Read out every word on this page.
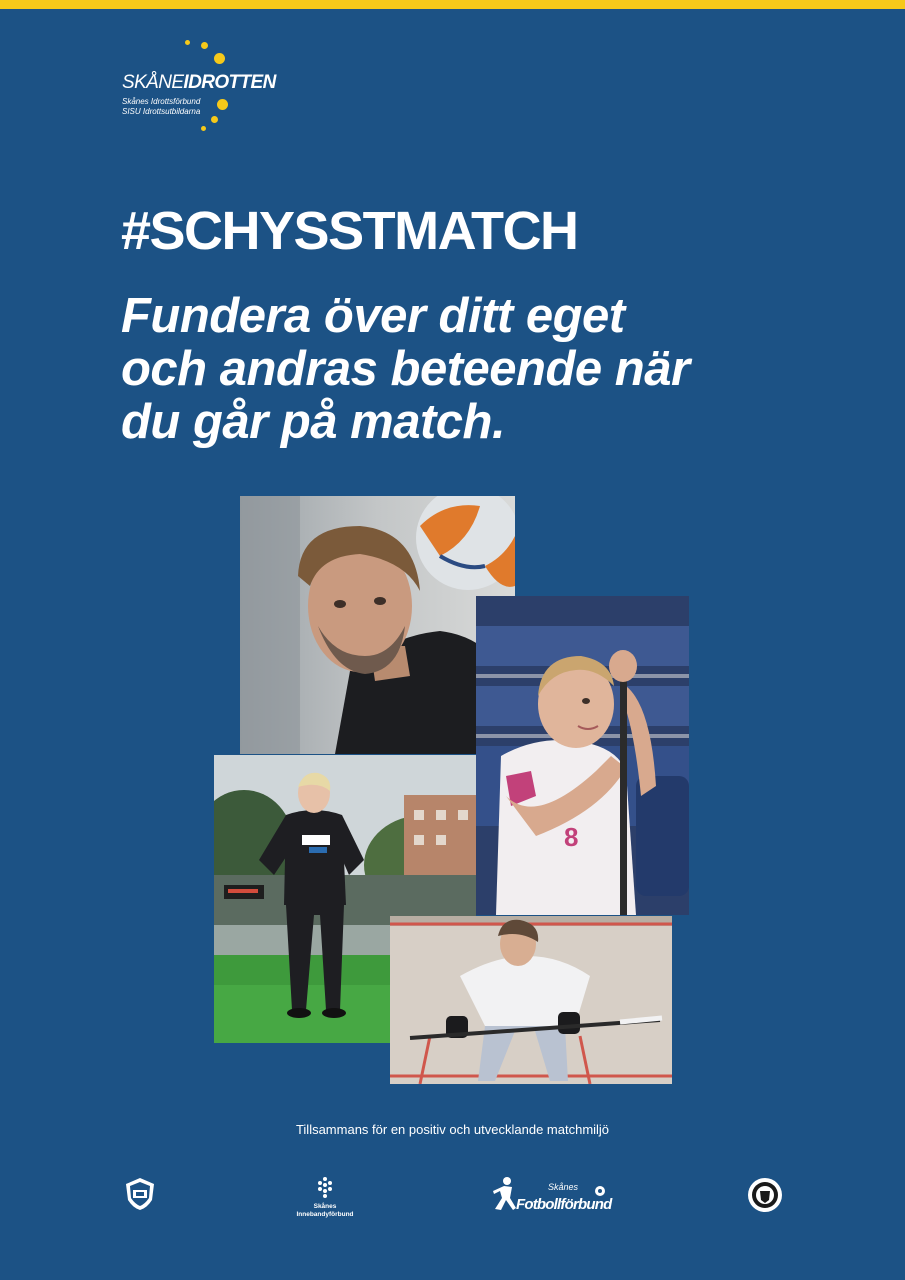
SKÅNEIDROTTEN
Skånes Idrottsförbund
SISU Idrottsutbildarna
#SCHYSSTMATCH
Fundera över ditt eget
och andras beteende när
du går på match.
8
Tillsammans för en positiv och utvecklande matchmiljö
Skånes
Innebandyförbund
Skånes
Fotbollförbund
